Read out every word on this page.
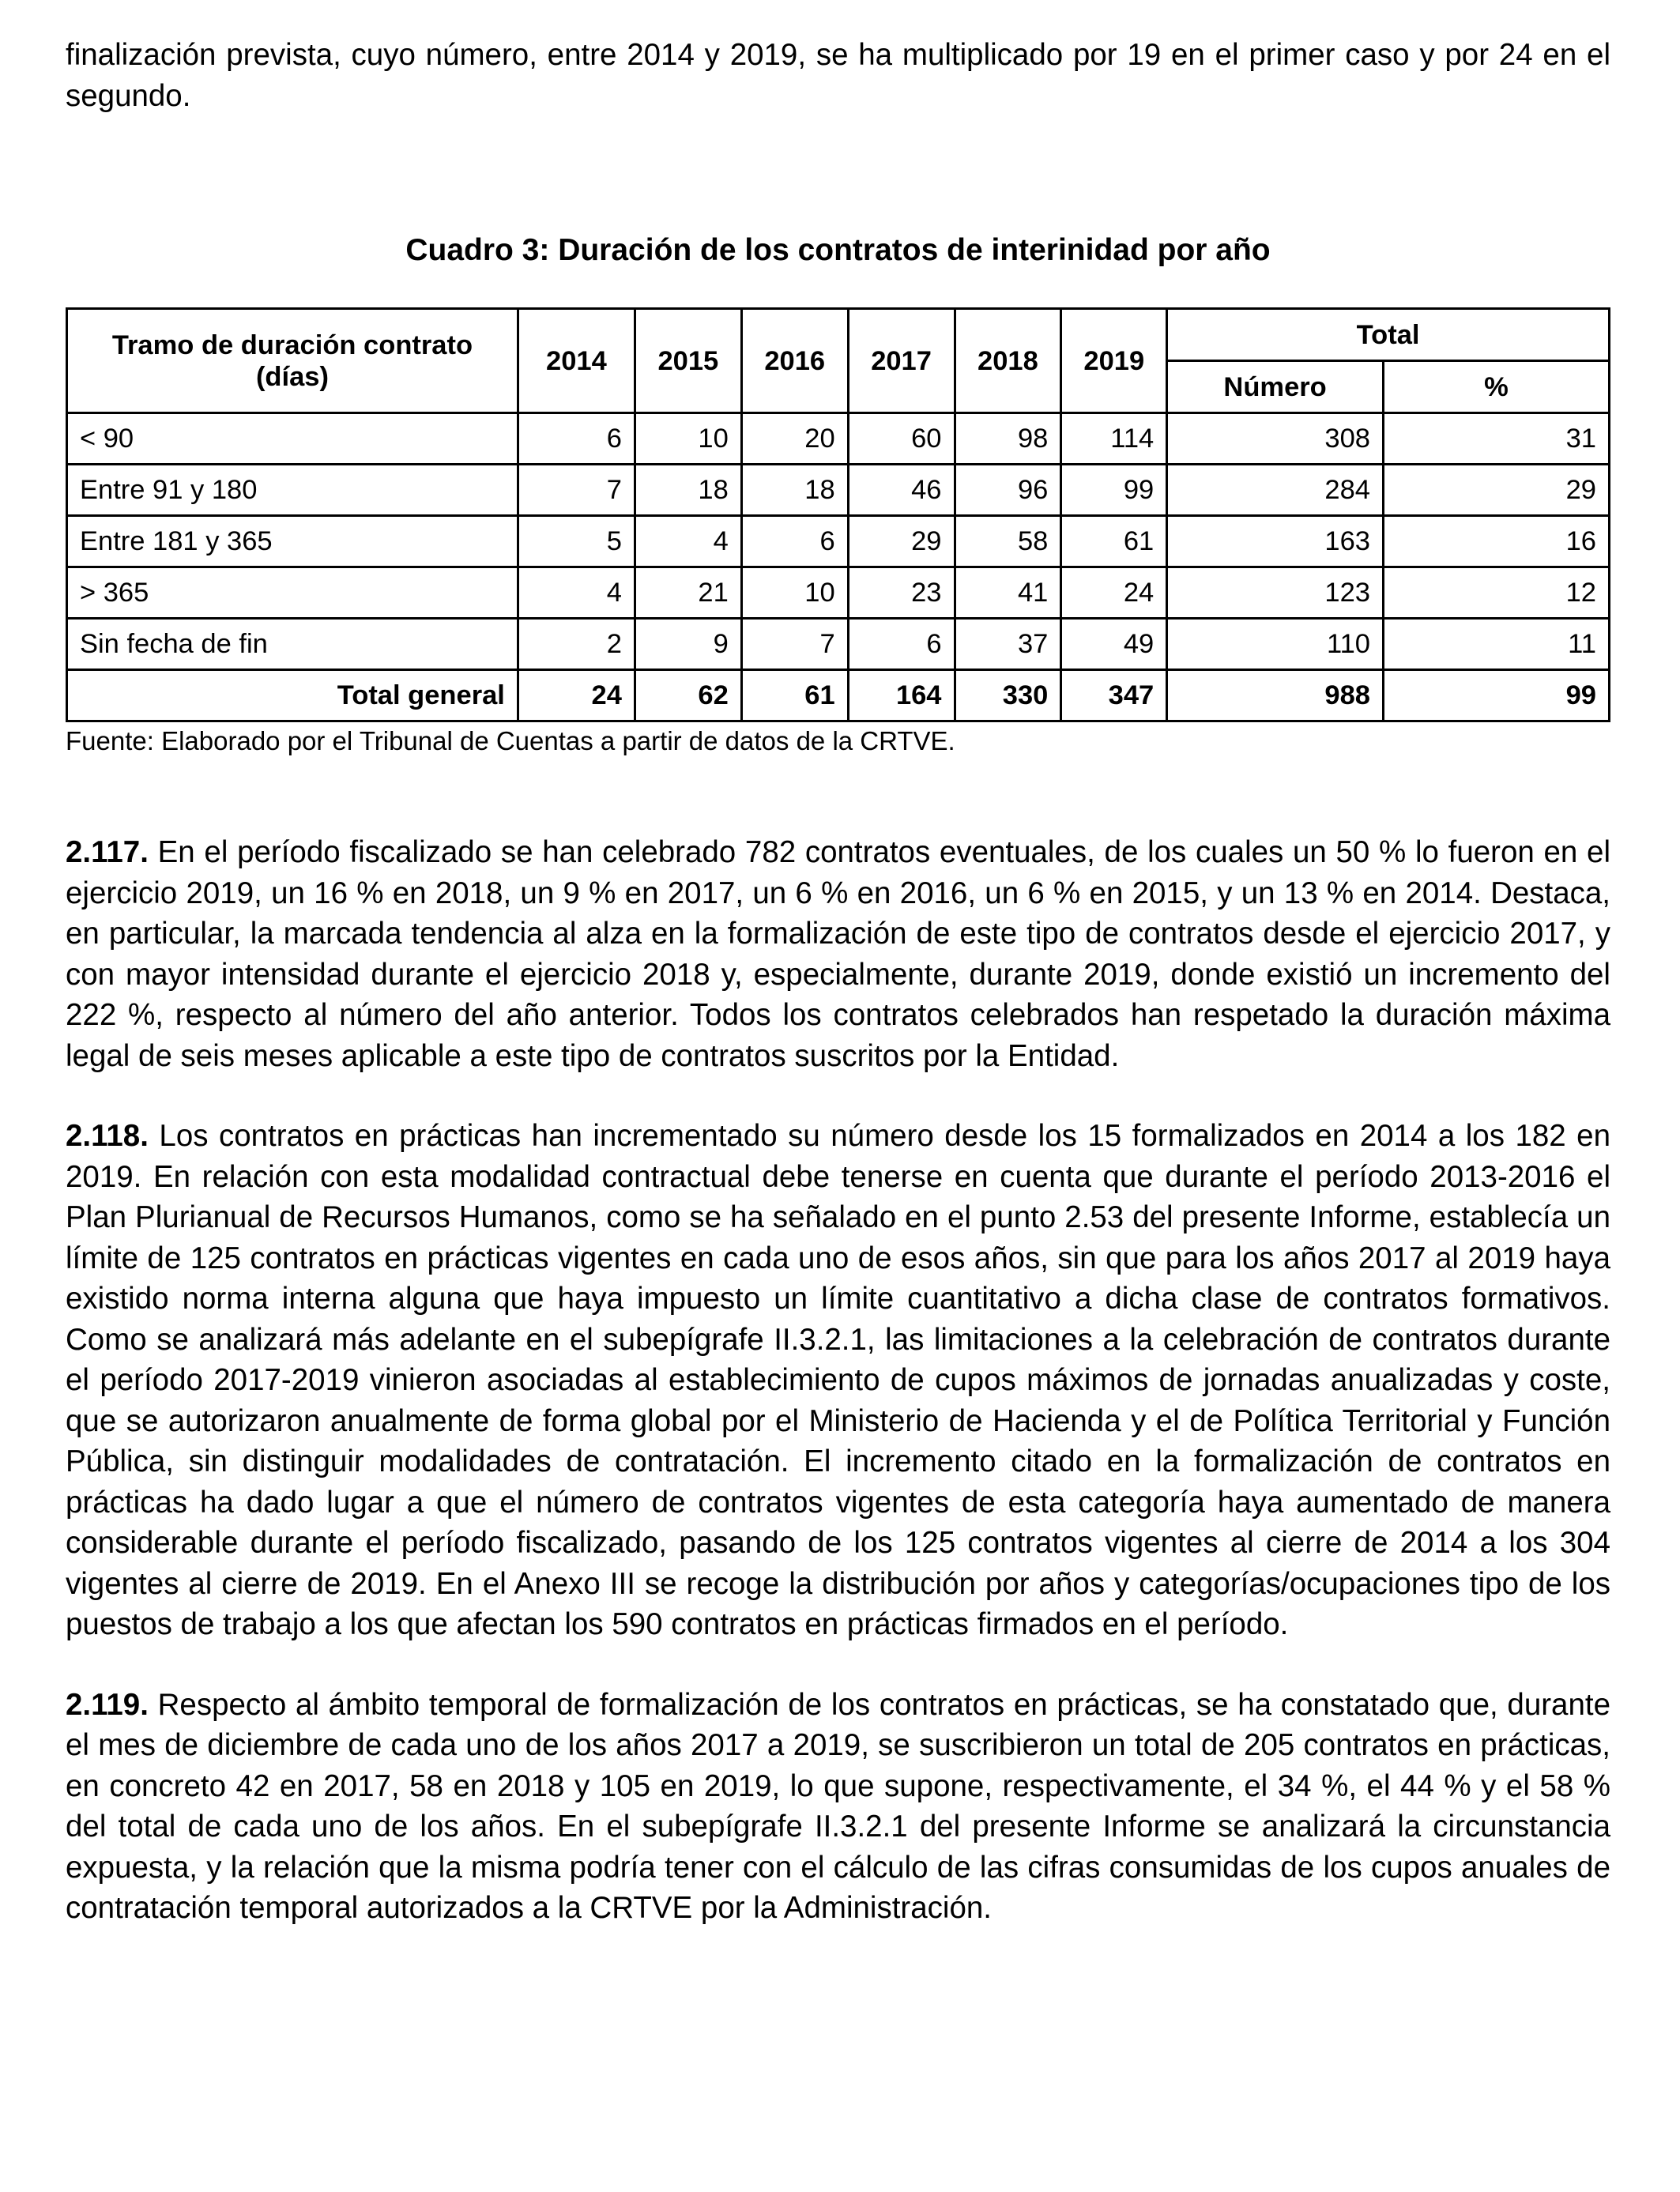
finalización prevista, cuyo número, entre 2014 y 2019, se ha multiplicado por 19 en el primer caso y por 24 en el segundo.

Cuadro 3: Duración de los contratos de interinidad por año
Tramo de duración contrato (días)	2014	2015	2016	2017	2018	2019	Total	
							Número	%
< 90	6	10	20	60	98	114	308	31
Entre 91 y 180	7	18	18	46	96	99	284	29
Entre 181 y 365	5	4	6	29	58	61	163	16
> 365	4	21	10	23	41	24	123	12
Sin fecha de fin	2	9	7	6	37	49	110	11
Total general	24	62	61	164	330	347	988	99
Fuente: Elaborado por el Tribunal de Cuentas a partir de datos de la CRTVE.

2.117. En el período fiscalizado se han celebrado 782 contratos eventuales, de los cuales un 50 % lo fueron en el ejercicio 2019, un 16 % en 2018, un 9 % en 2017, un 6 % en 2016, un 6 % en 2015, y un 13 % en 2014. Destaca, en particular, la marcada tendencia al alza en la formalización de este tipo de contratos desde el ejercicio 2017, y con mayor intensidad durante el ejercicio 2018 y, especialmente, durante 2019, donde existió un incremento del 222 %, respecto al número del año anterior. Todos los contratos celebrados han respetado la duración máxima legal de seis meses aplicable a este tipo de contratos suscritos por la Entidad.

2.118. Los contratos en prácticas han incrementado su número desde los 15 formalizados en 2014 a los 182 en 2019. En relación con esta modalidad contractual debe tenerse en cuenta que durante el período 2013-2016 el Plan Plurianual de Recursos Humanos, como se ha señalado en el punto 2.53 del presente Informe, establecía un límite de 125 contratos en prácticas vigentes en cada uno de esos años, sin que para los años 2017 al 2019 haya existido norma interna alguna que haya impuesto un límite cuantitativo a dicha clase de contratos formativos. Como se analizará más adelante en el subepígrafe II.3.2.1, las limitaciones a la celebración de contratos durante el período 2017-2019 vinieron asociadas al establecimiento de cupos máximos de jornadas anualizadas y coste, que se autorizaron anualmente de forma global por el Ministerio de Hacienda y el de Política Territorial y Función Pública, sin distinguir modalidades de contratación. El incremento citado en la formalización de contratos en prácticas ha dado lugar a que el número de contratos vigentes de esta categoría haya aumentado de manera considerable durante el período fiscalizado, pasando de los 125 contratos vigentes al cierre de 2014 a los 304 vigentes al cierre de 2019. En el Anexo III se recoge la distribución por años y categorías/ocupaciones tipo de los puestos de trabajo a los que afectan los 590 contratos en prácticas firmados en el período.

2.119. Respecto al ámbito temporal de formalización de los contratos en prácticas, se ha constatado que, durante el mes de diciembre de cada uno de los años 2017 a 2019, se suscribieron un total de 205 contratos en prácticas, en concreto 42 en 2017, 58 en 2018 y 105 en 2019, lo que supone, respectivamente, el 34 %, el 44 % y el 58 % del total de cada uno de los años. En el subepígrafe II.3.2.1 del presente Informe se analizará la circunstancia expuesta, y la relación que la misma podría tener con el cálculo de las cifras consumidas de los cupos anuales de contratación temporal autorizados a la CRTVE por la Administración.
